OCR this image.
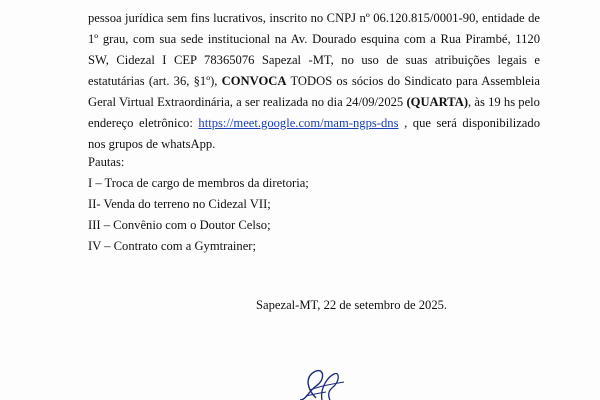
pessoa jurídica sem fins lucrativos, inscrito no CNPJ nº 06.120.815/0001-90, entidade de 1º grau, com sua sede institucional na Av. Dourado esquina com a Rua Pirambé, 1120 SW, Cidezal I CEP 78365076 Sapezal -MT, no uso de suas atribuições legais e estatutárias (art. 36, §1º), CONVOCA TODOS os sócios do Sindicato para Assembleia Geral Virtual Extraordinária, a ser realizada no dia 24/09/2025 (QUARTA), às 19 hs pelo endereço eletrônico: https://meet.google.com/mam-ngps-dns , que será disponibilizado nos grupos de whatsApp.

Pautas:
I – Troca de cargo de membros da diretoria;
II- Venda do terreno no Cidezal VII;
III – Convênio com o Doutor Celso;
IV – Contrato com a Gymtrainer;
Sapezal-MT, 22 de setembro de 2025.
